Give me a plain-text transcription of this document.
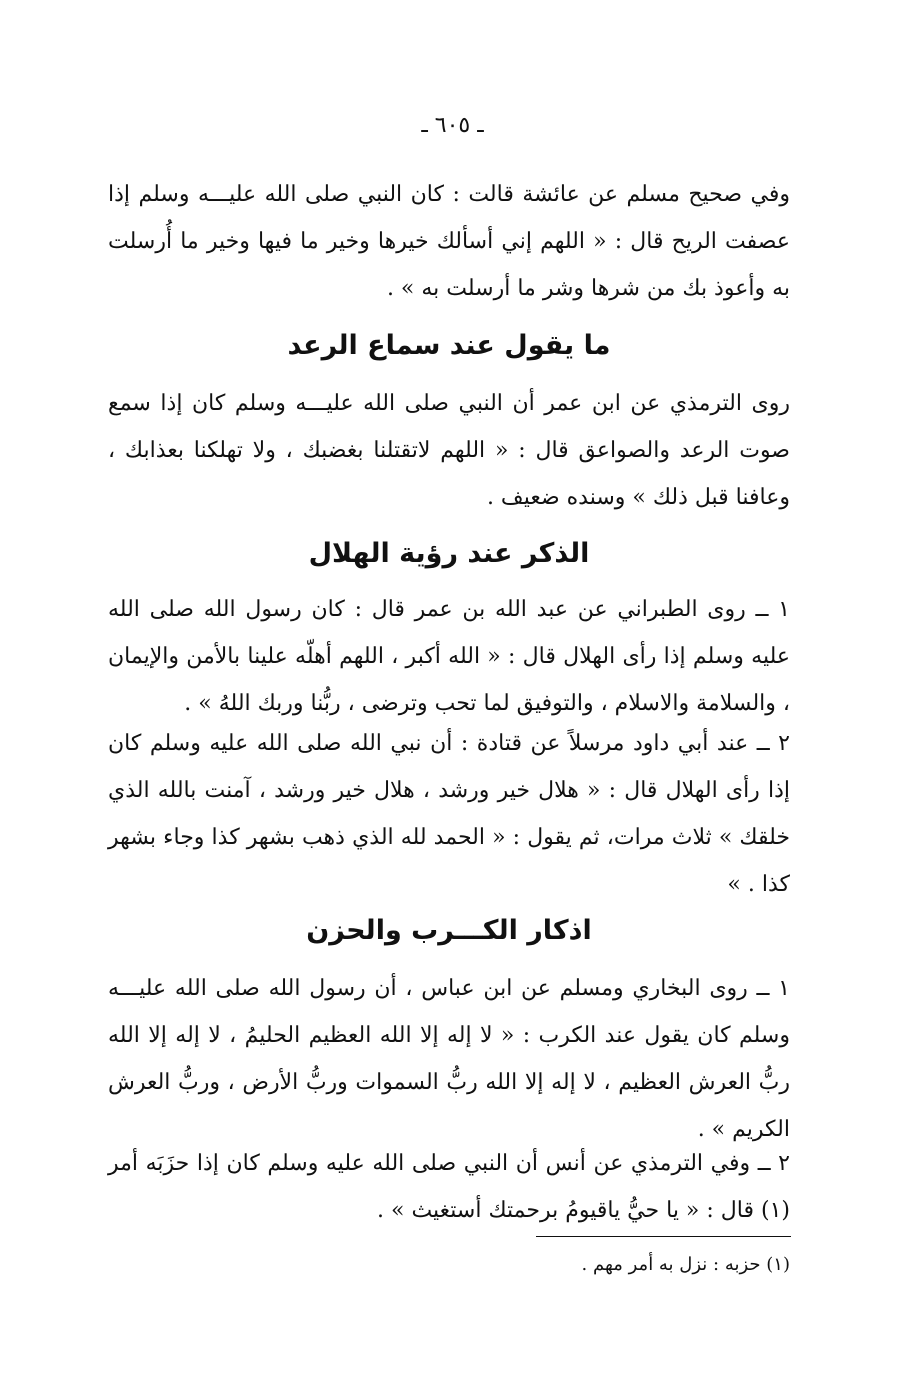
ـ ٦٠٥ ـ

وفي صحيح مسلم عن عائشة قالت : كان النبي صلى الله عليـــه وسلم إذا عصفت الريح قال : « اللهم إني أسألك خيرها وخير ما فيها وخير ما أُرسلت به وأعوذ بك من شرها وشر ما أرسلت به » .

ما يقول عند سماع الرعد

روى الترمذي عن ابن عمر أن النبي صلى الله عليـــه وسلم كان إذا سمع صوت الرعد والصواعق قال : « اللهم لاتقتلنا بغضبك ، ولا تهلكنا بعذابك ، وعافنا قبل ذلك » وسنده ضعيف .

الذكر عند رؤية الهلال

١ ــ روى الطبراني عن عبد الله بن عمر قال : كان رسول الله صلى الله عليه وسلم إذا رأى الهلال قال : « الله أكبر ، اللهم أهلّه علينا بالأمن والإيمان ، والسلامة والاسلام ، والتوفيق لما تحب وترضى ، ربُّنا وربك اللهُ » .

٢ ــ عند أبي داود مرسلاً عن قتادة : أن نبي الله صلى الله عليه وسلم كان إذا رأى الهلال قال : « هلال خير ورشد ، هلال خير ورشد ، آمنت بالله الذي خلقك » ثلاث مرات، ثم يقول : « الحمد لله الذي ذهب بشهر كذا وجاء بشهر كذا . »

اذكار الكـــرب والحزن

١ ــ روى البخاري ومسلم عن ابن عباس ، أن رسول الله صلى الله عليـــه وسلم كان يقول عند الكرب : « لا إله إلا الله العظيم الحليمُ ، لا إله إلا الله ربُّ العرش العظيم ، لا إله إلا الله ربُّ السموات وربُّ الأرض ، وربُّ العرش الكريم » .

٢ ــ وفي الترمذي عن أنس أن النبي صلى الله عليه وسلم كان إذا حزَبَه أمر (١) قال : « يا حيُّ ياقيومُ برحمتك أستغيث » .

(١) حزبه : نزل به أمر مهم .
